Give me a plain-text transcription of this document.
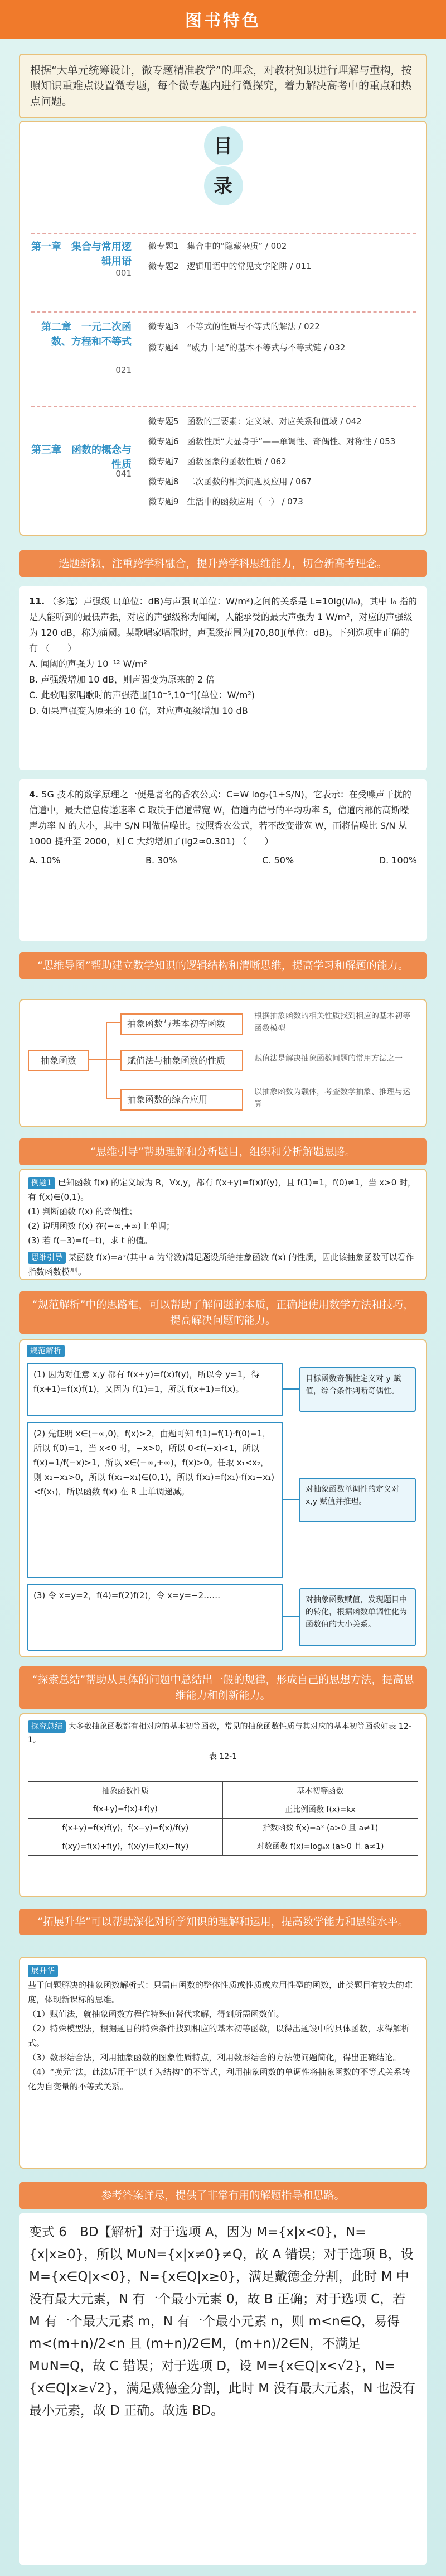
图书特色
根据“大单元统筹设计，微专题精准教学”的理念，对教材知识进行理解与重构，按照知识重难点设置微专题，每个微专题内进行微探究，着力解决高考中的重点和热点问题。
目
录
第一章　集合与常用逻辑用语
001
微专题1　集合中的“隐藏杂质” / 002
微专题2　逻辑用语中的常见文字陷阱 / 011
第二章　一元二次函数、方程和不等式
021
微专题3　不等式的性质与不等式的解法 / 022
微专题4　“威力十足”的基本不等式与不等式链 / 032
第三章　函数的概念与性质
041
微专题5　函数的三要素：定义域、对应关系和值域 / 042
微专题6　函数性质“大显身手”——单调性、奇偶性、对称性 / 053
微专题7　函数图象的函数性质 / 062
微专题8　二次函数的相关问题及应用 / 067
微专题9　生活中的函数应用（一） / 073
选题新颖，注重跨学科融合，提升跨学科思维能力，切合新高考理念。
11. （多选）声强级 L(单位：dB)与声强 I(单位：W/m²)之间的关系是 L=10lg(I/I₀)，其中 I₀ 指的是人能听到的最低声强，对应的声强级称为闻阈，人能承受的最大声强为 1 W/m²，对应的声强级为 120 dB，称为痛阈。某歌唱家唱歌时，声强级范围为[70,80](单位：dB)。下列选项中正确的有 （　　）
A. 闻阈的声强为 10⁻¹² W/m²
B. 声强级增加 10 dB，则声强变为原来的 2 倍
C. 此歌唱家唱歌时的声强范围[10⁻⁵,10⁻⁴](单位：W/m²)
D. 如果声强变为原来的 10 倍，对应声强级增加 10 dB
4. 5G 技术的数学原理之一便是著名的香农公式：C=W log₂(1+S/N)，它表示：在受噪声干扰的信道中，最大信息传递速率 C 取决于信道带宽 W，信道内信号的平均功率 S，信道内部的高斯噪声功率 N 的大小，其中 S/N 叫做信噪比。按照香农公式，若不改变带宽 W，而将信噪比 S/N 从 1000 提升至 2000，则 C 大约增加了(lg2≈0.301) （　　）
A. 10%	B. 30%	C. 50%	D. 100%
“思维导图”帮助建立数学知识的逻辑结构和清晰思维，提高学习和解题的能力。
抽象函数
抽象函数与基本初等函数
赋值法与抽象函数的性质
抽象函数的综合应用
根据抽象函数的相关性质找到相应的基本初等函数模型
赋值法是解决抽象函数问题的常用方法之一
以抽象函数为载体，考查数学抽象、推理与运算
“思维引导”帮助理解和分析题目，组织和分析解题思路。
例题1 已知函数 f(x) 的定义域为 R，∀x,y，都有 f(x+y)=f(x)f(y)，且 f(1)=1，f(0)≠1，当 x>0 时，有 f(x)∈(0,1)。
(1) 判断函数 f(x) 的奇偶性；
(2) 说明函数 f(x) 在(−∞,+∞)上单调；
(3) 若 f(−3)=f(−t)，求 t 的值。
思维引导 某函数 f(x)=aˣ(其中 a 为常数)满足题设所给抽象函数 f(x) 的性质，因此该抽象函数可以看作指数函数模型。
“规范解析”中的思路框，可以帮助了解问题的本质，正确地使用数学方法和技巧，提高解决问题的能力。
规范解析
(1) 因为对任意 x,y 都有 f(x+y)=f(x)f(y)，所以令 y=1，得 f(x+1)=f(x)f(1)，又因为 f(1)=1，所以 f(x+1)=f(x)。
目标函数奇偶性定义对 y 赋值，综合条件判断奇偶性。
(2) 先证明 x∈(−∞,0)，f(x)>2，由题可知 f(1)=f(1)·f(0)=1，所以 f(0)=1，当 x<0 时，−x>0，所以 0<f(−x)<1，所以 f(x)=1/f(−x)>1，所以 x∈(−∞,+∞)，f(x)>0。任取 x₁<x₂，则 x₂−x₁>0，所以 f(x₂−x₁)∈(0,1)，所以 f(x₂)=f(x₁)·f(x₂−x₁)<f(x₁)，所以函数 f(x) 在 R 上单调递减。	对抽象函数单调性的定义对 x,y 赋值并推理。
(3) 令 x=y=2，f(4)=f(2)f(2)，令 x=y=−2……	对抽象函数赋值，发现题目中的转化，根据函数单调性化为函数值的大小关系。
“探索总结”帮助从具体的问题中总结出一般的规律，形成自己的思想方法，提高思维能力和创新能力。
探究总结 大多数抽象函数都有相对应的基本初等函数，常见的抽象函数性质与其对应的基本初等函数如表 12-1。
表 12-1
抽象函数性质	基本初等函数
f(x+y)=f(x)+f(y)	正比例函数 f(x)=kx
f(x+y)=f(x)f(y)，f(x−y)=f(x)/f(y)	指数函数 f(x)=aˣ (a>0 且 a≠1)
f(xy)=f(x)+f(y)，f(x/y)=f(x)−f(y)	对数函数 f(x)=logₐx (a>0 且 a≠1)
“拓展升华”可以帮助深化对所学知识的理解和运用，提高数学能力和思维水平。
展升华
基于问题解决的抽象函数解析式：只需由函数的整体性质或性质或应用性型的函数，此类题目有较大的难度，体现新课标的思维。
（1）赋值法，就抽象函数方程作特殊值替代求解，得到所需函数值。
（2）特殊模型法，根据题目的特殊条件找到相应的基本初等函数，以得出题设中的具体函数，求得解析式。
（3）数形结合法，利用抽象函数的图象性质特点，利用数形结合的方法使问题简化，得出正确结论。
（4）“换元”法，此法适用于“以 f 为结构”的不等式，利用抽象函数的单调性将抽象函数的不等式关系转化为自变量的不等式关系。
参考答案详尽，提供了非常有用的解题指导和思路。
变式 6　BD【解析】对于选项 A，因为 M={x|x<0}，N={x|x≥0}，所以 M∪N={x|x≠0}≠Q，故 A 错误；对于选项 B，设 M={x∈Q|x<0}，N={x∈Q|x≥0}，满足戴德金分割，此时 M 中没有最大元素，N 有一个最小元素 0，故 B 正确；对于选项 C，若 M 有一个最大元素 m，N 有一个最小元素 n，则 m<n∈Q，易得 m<(m+n)/2<n 且 (m+n)/2∈M，(m+n)/2∈N，不满足 M∪N=Q，故 C 错误；对于选项 D，设 M={x∈Q|x<√2}，N={x∈Q|x≥√2}，满足戴德金分割，此时 M 没有最大元素，N 也没有最小元素，故 D 正确。故选 BD。
